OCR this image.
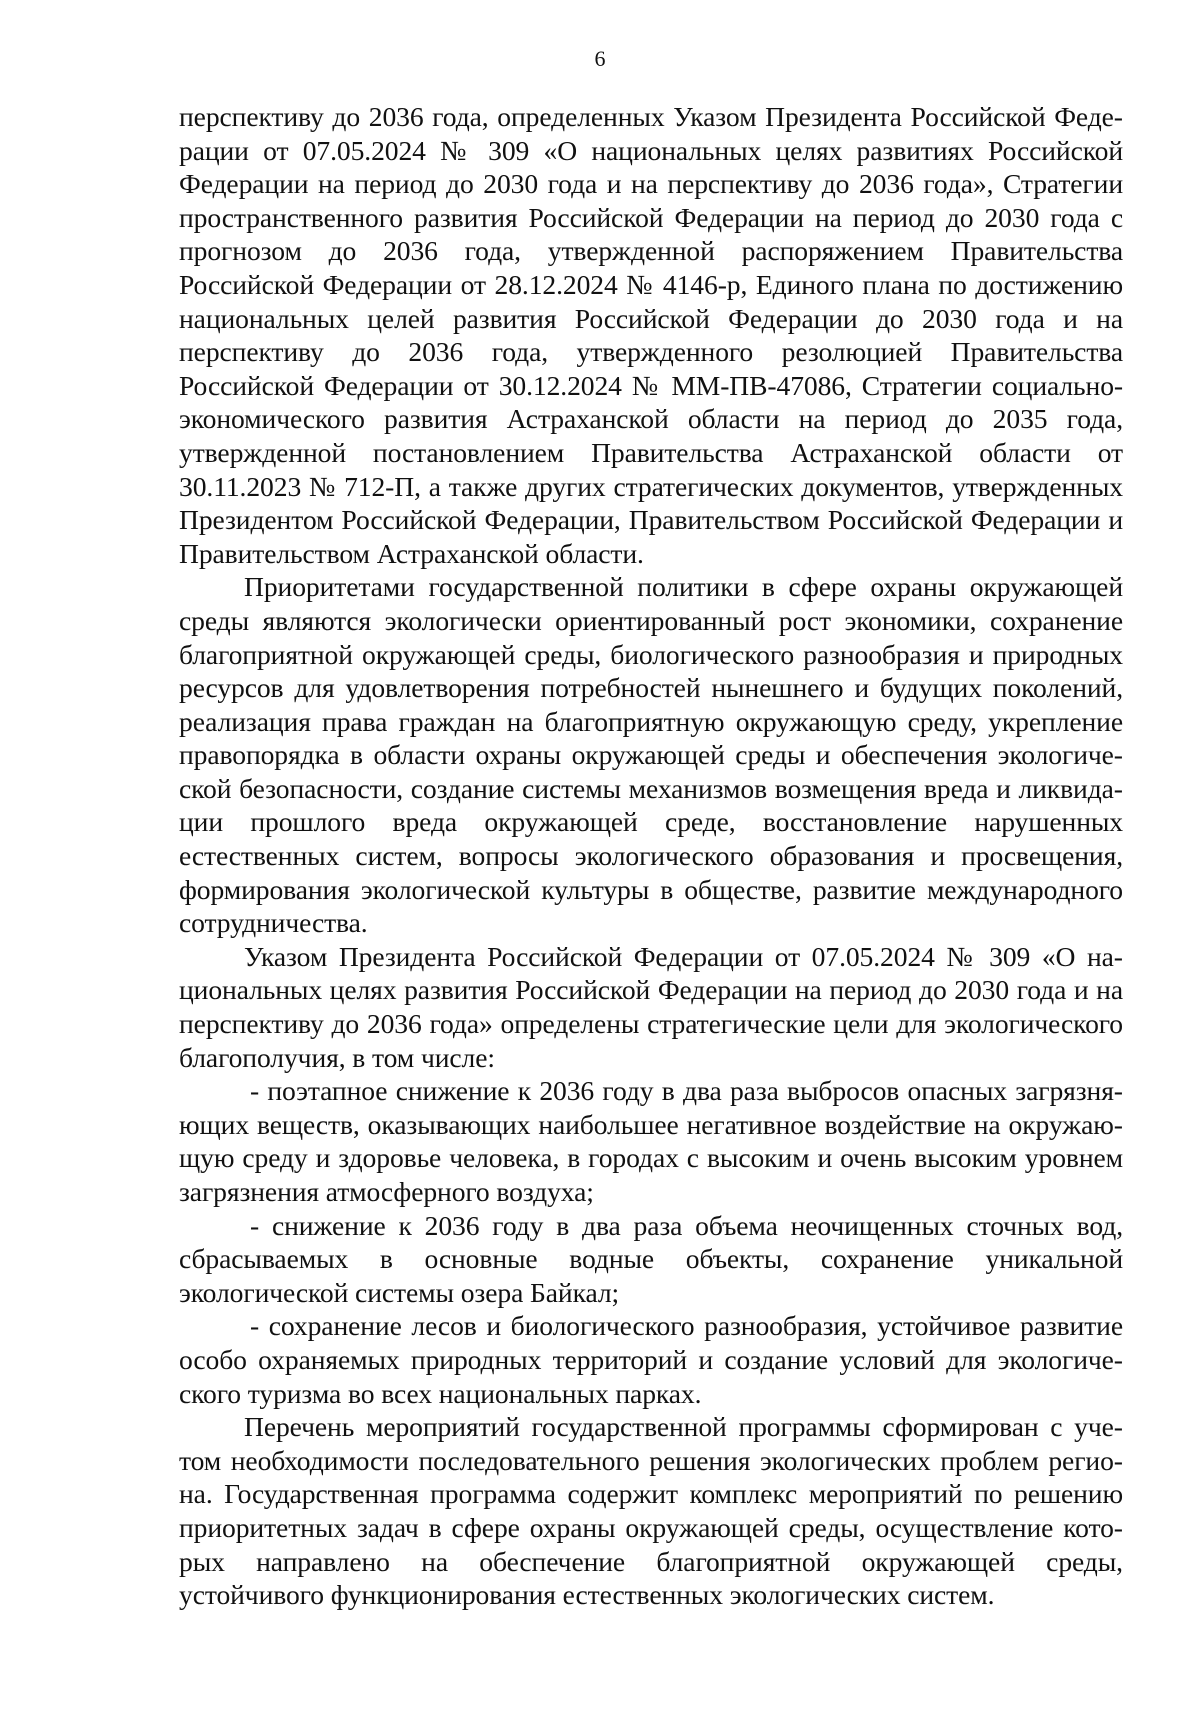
6

перспективу до 2036 года, определенных Указом Президента Российской Федерации от 07.05.2024 № 309 «О национальных целях развитиях Российской Федерации на период до 2030 года и на перспективу до 2036 года», Стратегии пространственного развития Российской Федерации на период до 2030 года с прогнозом до 2036 года, утвержденной распоряжением Правительства Российской Федерации от 28.12.2024 № 4146-р, Единого плана по достижению национальных целей развития Российской Федерации до 2030 года и на перспективу до 2036 года, утвержденного резолюцией Правительства Российской Федерации от 30.12.2024 № ММ-ПВ-47086, Стратегии социально-экономического развития Астраханской области на период до 2035 года, утвержденной постановлением Правительства Астраханской области от 30.11.2023 № 712-П, а также других стратегических документов, утвержденных Президентом Российской Федерации, Правительством Российской Федерации и Правительством Астраханской области.

Приоритетами государственной политики в сфере охраны окружающей среды являются экологически ориентированный рост экономики, сохранение благоприятной окружающей среды, биологического разнообразия и природных ресурсов для удовлетворения потребностей нынешнего и будущих поколений, реализация права граждан на благоприятную окружающую среду, укрепление правопорядка в области охраны окружающей среды и обеспечения экологической безопасности, создание системы механизмов возмещения вреда и ликвидации прошлого вреда окружающей среде, восстановление нарушенных естественных систем, вопросы экологического образования и просвещения, формирования экологической культуры в обществе, развитие международного сотрудничества.

Указом Президента Российской Федерации от 07.05.2024 № 309 «О национальных целях развития Российской Федерации на период до 2030 года и на перспективу до 2036 года» определены стратегические цели для экологического благополучия, в том числе:

- поэтапное снижение к 2036 году в два раза выбросов опасных загрязняющих веществ, оказывающих наибольшее негативное воздействие на окружающую среду и здоровье человека, в городах с высоким и очень высоким уровнем загрязнения атмосферного воздуха;

- снижение к 2036 году в два раза объема неочищенных сточных вод, сбрасываемых в основные водные объекты, сохранение уникальной экологической системы озера Байкал;

- сохранение лесов и биологического разнообразия, устойчивое развитие особо охраняемых природных территорий и создание условий для экологического туризма во всех национальных парках.

Перечень мероприятий государственной программы сформирован с учетом необходимости последовательного решения экологических проблем региона. Государственная программа содержит комплекс мероприятий по решению приоритетных задач в сфере охраны окружающей среды, осуществление которых направлено на обеспечение благоприятной окружающей среды, устойчивого функционирования естественных экологических систем.
